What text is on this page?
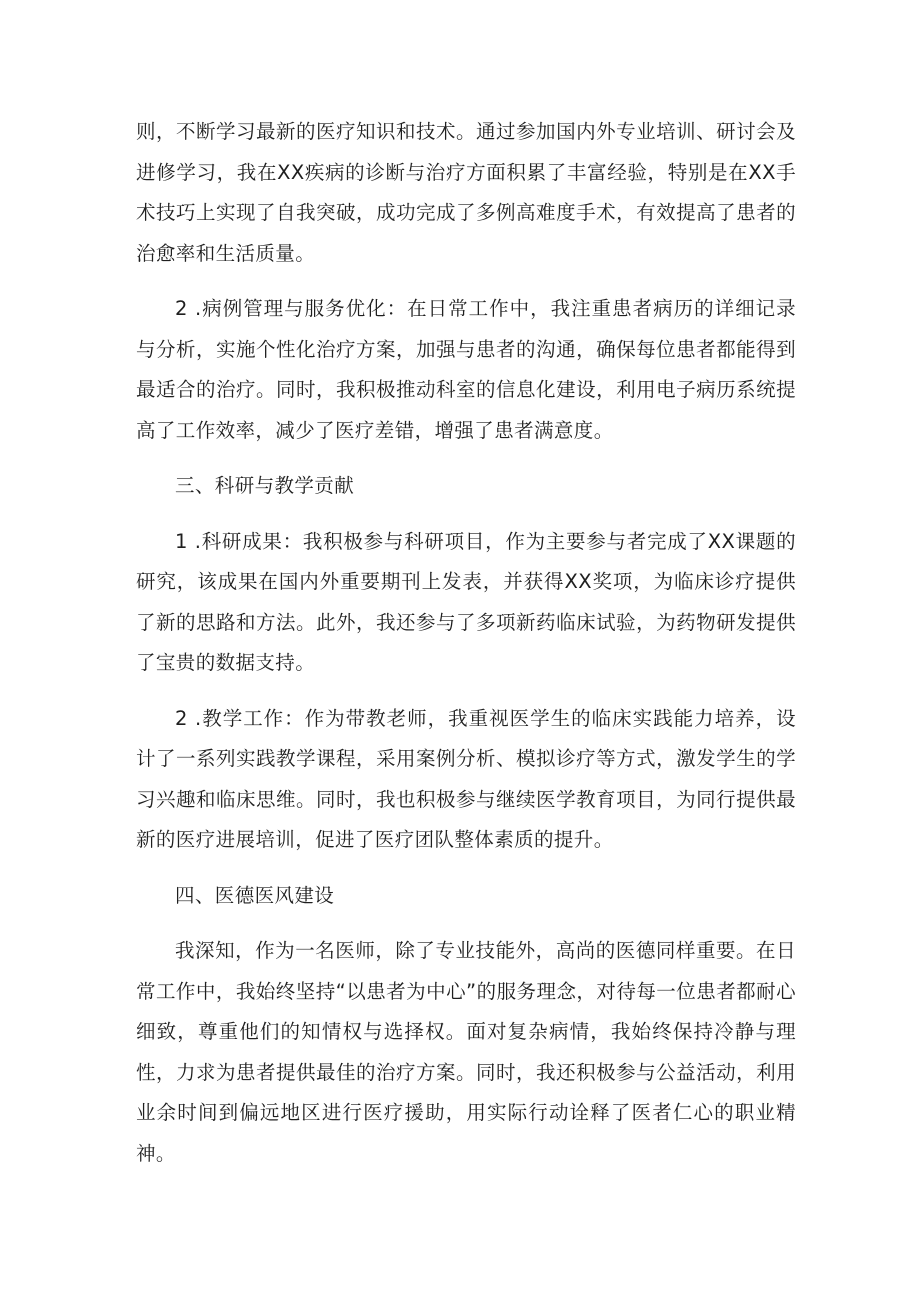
则，不断学习最新的医疗知识和技术。通过参加国内外专业培训、研讨会及进修学习，我在XX疾病的诊断与治疗方面积累了丰富经验，特别是在XX手术技巧上实现了自我突破，成功完成了多例高难度手术，有效提高了患者的治愈率和生活质量。

2 .病例管理与服务优化：在日常工作中，我注重患者病历的详细记录与分析，实施个性化治疗方案，加强与患者的沟通，确保每位患者都能得到最适合的治疗。同时，我积极推动科室的信息化建设，利用电子病历系统提高了工作效率，减少了医疗差错，增强了患者满意度。

三、科研与教学贡献

1 .科研成果：我积极参与科研项目，作为主要参与者完成了XX课题的研究，该成果在国内外重要期刊上发表，并获得XX奖项，为临床诊疗提供了新的思路和方法。此外，我还参与了多项新药临床试验，为药物研发提供了宝贵的数据支持。

2 .教学工作：作为带教老师，我重视医学生的临床实践能力培养，设计了一系列实践教学课程，采用案例分析、模拟诊疗等方式，激发学生的学习兴趣和临床思维。同时，我也积极参与继续医学教育项目，为同行提供最新的医疗进展培训，促进了医疗团队整体素质的提升。

四、医德医风建设

我深知，作为一名医师，除了专业技能外，高尚的医德同样重要。在日常工作中，我始终坚持“以患者为中心”的服务理念，对待每一位患者都耐心细致，尊重他们的知情权与选择权。面对复杂病情，我始终保持冷静与理性，力求为患者提供最佳的治疗方案。同时，我还积极参与公益活动，利用业余时间到偏远地区进行医疗援助，用实际行动诠释了医者仁心的职业精神。
